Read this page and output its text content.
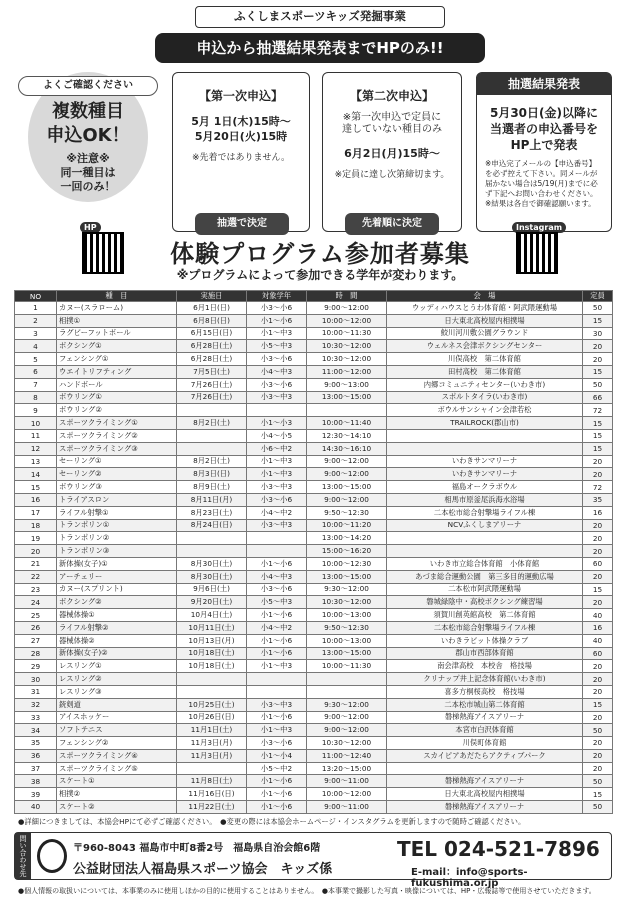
ふくしまスポーツキッズ発掘事業
申込から抽選結果発表までHPのみ!!
よくご確認ください
複数種目
申込OK！
※注意※
同一種目は
一回のみ！
【第一次申込】
5月 1日(木)15時～
5月20日(火)15時
※先着ではありません。
抽選で決定
【第二次申込】
※第一次申込で定員に
達していない種目のみ
6月2日(月)15時～
※定員に達し次第締切ます。
先着順に決定
抽選結果発表
5月30日(金)以降に
当選者の申込番号を
HP上で発表
※申込完了メールの【申込番号】を必ず控えて下さい。同メールが届かない場合は5/19(月)までに必ず下記へお問い合わせください。
※結果は各自で御確認願います。
HP	Instagram
体験プログラム参加者募集
※プログラムによって参加できる学年が変わります。
NO	種　目	実施日	対象学年	時　間	会　場	定員
1	カヌー(スラローム)	6月1日(日)	小3～小6	9:00～12:00	ウッディハウスとうわ体育館・阿武隈運動場	50
2	相撲①	6月8日(日)	小1～小6	10:00～12:00	日大東北高校屋内相撲場	15
3	ラグビーフットボール	6月15日(日)	小1～中3	10:00～11:30	鮫川河川敷公園グラウンド	30
4	ボクシング①	6月28日(土)	小5～中3	10:30～12:00	ウェルネス会津ボクシングセンター	20
5	フェンシング①	6月28日(土)	小3～小6	10:30～12:00	川俣高校　第二体育館	20
6	ウエイトリフティング	7月5日(土)	小4～中3	11:00～12:00	田村高校　第二体育館	15
7	ハンドボール	7月26日(土)	小3～小6	9:00～13:00	内郷コミュニティセンター(いわき市)	50
8	ボウリング①	7月26日(土)	小3～中3	13:00～15:00	スポルトタイラ(いわき市)	66
9	ボウリング②				ボウルサンシャイン会津若松	72
10	スポーツクライミング①	8月2日(土)	小1～小3	10:00～11:40	TRAILROCK(郡山市)	15
11	スポーツクライミング②		小4～小5	12:30～14:10		15
12	スポーツクライミング③		小6～中2	14:30～16:10		15
13	セーリング①	8月2日(土)	小1～中3	9:00～12:00	いわきサンマリーナ	20
14	セーリング②	8月3日(日)	小1～中3	9:00～12:00	いわきサンマリーナ	20
15	ボウリング③	8月9日(土)	小3～中3	13:00～15:00	福島オークラボウル	72
16	トライアスロン	8月11日(月)	小3～小6	9:00～12:00	相馬市原釜尾浜海水浴場	35
17	ライフル射撃①	8月23日(土)	小4～中2	9:50～12:30	二本松市総合射撃場ライフル棟	16
18	トランポリン①	8月24日(日)	小3～中3	10:00～11:20	NCVふくしまアリーナ	20
19	トランポリン②			13:00～14:20		20
20	トランポリン③			15:00～16:20		20
21	新体操(女子)①	8月30日(土)	小1～小6	10:00～12:30	いわき市立総合体育館　小体育館	60
22	アーチェリー	8月30日(土)	小4～中3	13:00～15:00	あづま総合運動公園　第三多目的運動広場	20
23	カヌー(スプリント)	9月6日(土)	小3～小6	9:30～12:00	二本松市阿武隈運動場	15
24	ボクシング②	9月20日(土)	小5～中3	10:30～12:00	磐城緑陰中・高校ボクシング練習場	20
25	器械体操①	10月4日(土)	小1～小6	10:00～13:00	須賀川創英館高校　第二体育館	40
26	ライフル射撃②	10月11日(土)	小4～中2	9:50～12:30	二本松市総合射撃場ライフル棟	16
27	器械体操②	10月13日(月)	小1～小6	10:00～13:00	いわきラビット体操クラブ	40
28	新体操(女子)②	10月18日(土)	小1～小6	13:00～15:00	郡山市西部体育館	60
29	レスリング①	10月18日(土)	小1～中3	10:00～11:30	南会津高校　本校舎　格技場	20
30	レスリング②				クリナップ井上記念体育館(いわき市)	20
31	レスリング③				喜多方桐桜高校　格技場	20
32	銃剣道	10月25日(土)	小3～中3	9:30～12:00	二本松市城山第二体育館	15
33	アイスホッケー	10月26日(日)	小1～小6	9:00～12:00	磐梯熱海アイスアリーナ	20
34	ソフトテニス	11月1日(土)	小1～中3	9:00～12:00	本宮市白沢体育館	50
35	フェンシング②	11月3日(月)	小3～小6	10:30～12:00	川俣町体育館	20
36	スポーツクライミング④	11月3日(月)	小1～小4	11:00～12:40	スカイピアあだたらアクティブパーク	20
37	スポーツクライミング⑤		小5～中2	13:20～15:00		20
38	スケート①	11月8日(土)	小1～小6	9:00～11:00	磐梯熱海アイスアリーナ	50
39	相撲②	11月16日(日)	小1～小6	10:00～12:00	日大東北高校屋内相撲場	15
40	スケート②	11月22日(土)	小1～小6	9:00～11:00	磐梯熱海アイスアリーナ	50
●詳細につきましては、本協会HPにて必ずご確認ください。　●変更の際には本協会ホームページ・インスタグラムを更新しますので随時ご確認ください。
問い合わせ先	〒960-8043 福島市中町8番2号　福島県自治会館6階
公益財団法人福島県スポーツ協会　キッズ係
TEL 024-521-7896
E-mail：info@sports-fukushima.or.jp
●個人情報の取扱いについては、本事業のみに使用しほかの目的に使用することはありません。　●本事業で撮影した写真・映像については、HP・広報誌等で使用させていただきます。
